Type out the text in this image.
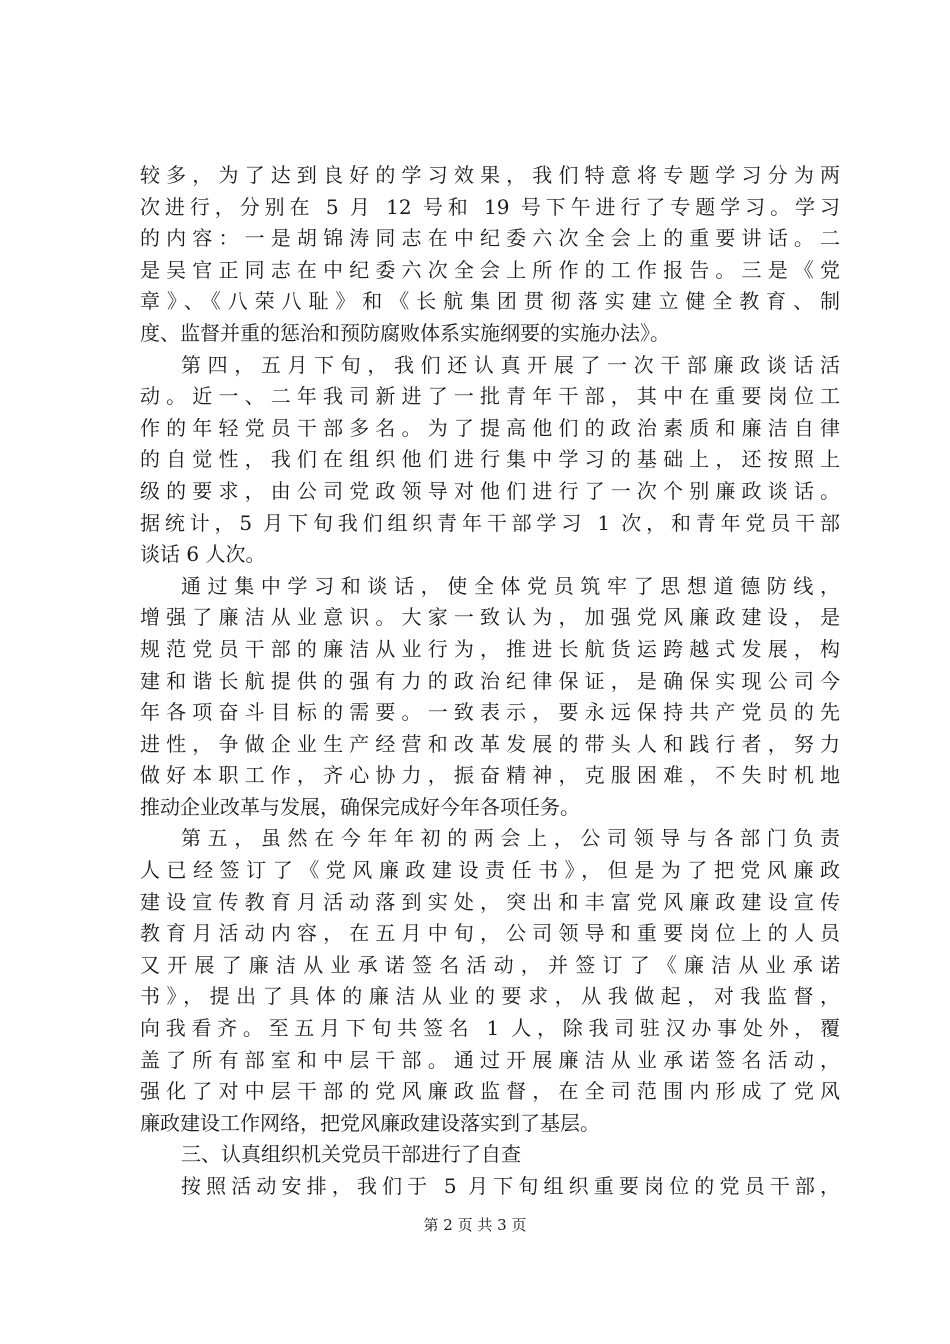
较多，为了达到良好的学习效果，我们特意将专题学习分为两
次进行，分别在 5 月 12 号和 19 号下午进行了专题学习。学习
的内容：一是胡锦涛同志在中纪委六次全会上的重要讲话。二
是吴官正同志在中纪委六次全会上所作的工作报告。三是《党
章》、《八荣八耻》和《长航集团贯彻落实建立健全教育、制
度、监督并重的惩治和预防腐败体系实施纲要的实施办法》。
第四，五月下旬，我们还认真开展了一次干部廉政谈话活
动。近一、二年我司新进了一批青年干部，其中在重要岗位工
作的年轻党员干部多名。为了提高他们的政治素质和廉洁自律
的自觉性，我们在组织他们进行集中学习的基础上，还按照上
级的要求，由公司党政领导对他们进行了一次个别廉政谈话。
据统计，5 月下旬我们组织青年干部学习 1 次，和青年党员干部
谈话 6 人次。
通过集中学习和谈话，使全体党员筑牢了思想道德防线，
增强了廉洁从业意识。大家一致认为，加强党风廉政建设，是
规范党员干部的廉洁从业行为，推进长航货运跨越式发展，构
建和谐长航提供的强有力的政治纪律保证，是确保实现公司今
年各项奋斗目标的需要。一致表示，要永远保持共产党员的先
进性，争做企业生产经营和改革发展的带头人和践行者，努力
做好本职工作，齐心协力，振奋精神，克服困难，不失时机地
推动企业改革与发展，确保完成好今年各项任务。
第五，虽然在今年年初的两会上，公司领导与各部门负责
人已经签订了《党风廉政建设责任书》，但是为了把党风廉政
建设宣传教育月活动落到实处，突出和丰富党风廉政建设宣传
教育月活动内容，在五月中旬，公司领导和重要岗位上的人员
又开展了廉洁从业承诺签名活动，并签订了《廉洁从业承诺
书》，提出了具体的廉洁从业的要求，从我做起，对我监督，
向我看齐。至五月下旬共签名 1 人，除我司驻汉办事处外，覆
盖了所有部室和中层干部。通过开展廉洁从业承诺签名活动，
强化了对中层干部的党风廉政监督，在全司范围内形成了党风
廉政建设工作网络，把党风廉政建设落实到了基层。
三、认真组织机关党员干部进行了自查
按照活动安排，我们于 5 月下旬组织重要岗位的党员干部，
第 2 页 共 3 页
